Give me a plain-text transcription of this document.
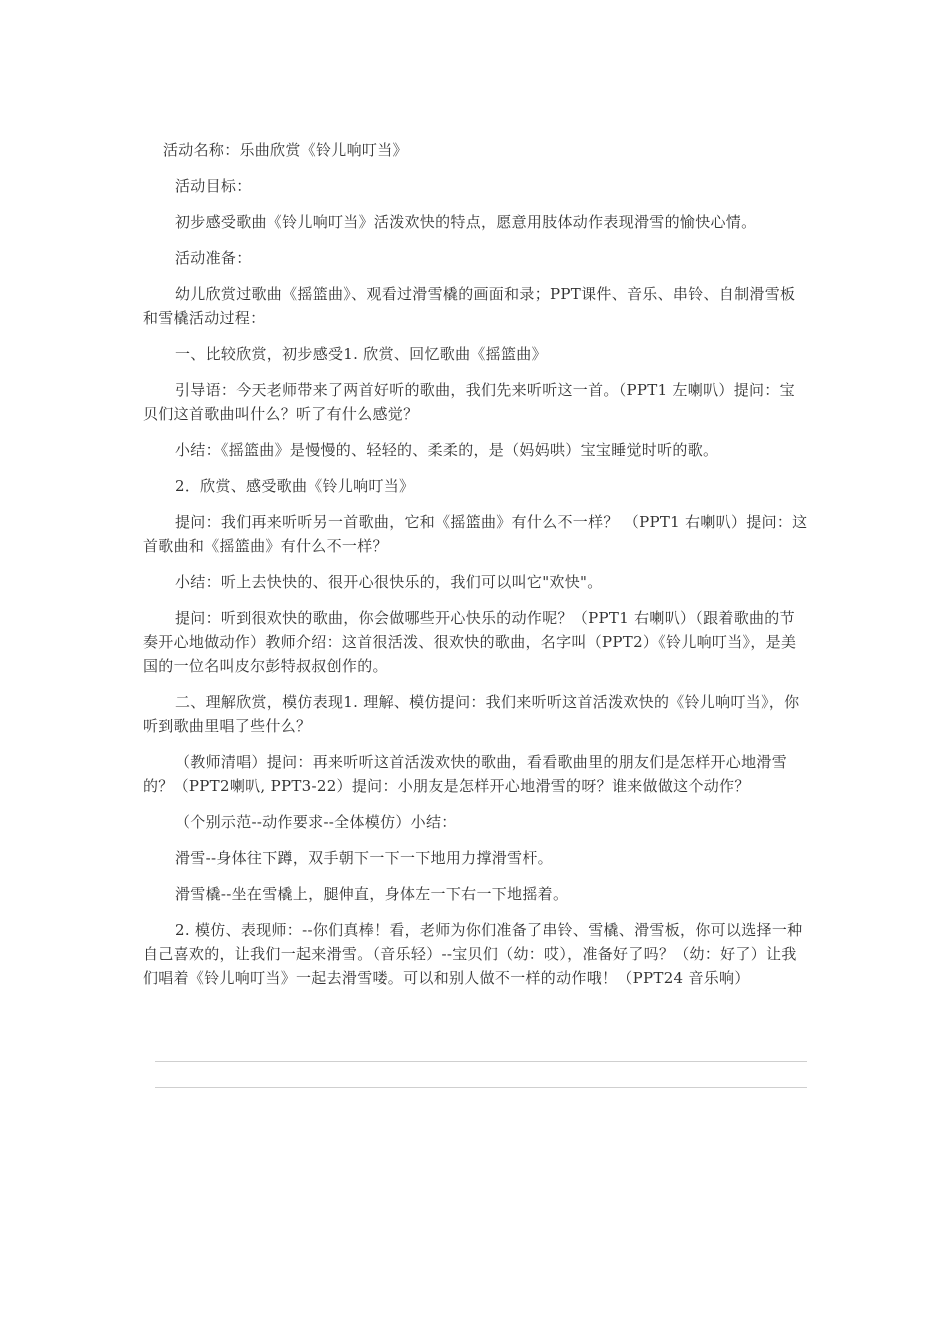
活动名称：乐曲欣赏《铃儿响叮当》

活动目标：

初步感受歌曲《铃儿响叮当》活泼欢快的特点，愿意用肢体动作表现滑雪的愉快心情。

活动准备：

幼儿欣赏过歌曲《摇篮曲》、观看过滑雪橇的画面和录；PPT课件、音乐、串铃、自制滑雪板和雪橇活动过程：

一、比较欣赏，初步感受1. 欣赏、回忆歌曲《摇篮曲》

引导语：今天老师带来了两首好听的歌曲，我们先来听听这一首。（PPT1 左喇叭）提问：宝贝们这首歌曲叫什么？听了有什么感觉？

小结：《摇篮曲》是慢慢的、轻轻的、柔柔的，是（妈妈哄）宝宝睡觉时听的歌。

2．欣赏、感受歌曲《铃儿响叮当》

提问：我们再来听听另一首歌曲，它和《摇篮曲》有什么不一样？ （PPT1 右喇叭）提问：这首歌曲和《摇篮曲》有什么不一样？

小结：听上去快快的、很开心很快乐的，我们可以叫它"欢快"。

提问：听到很欢快的歌曲，你会做哪些开心快乐的动作呢？（PPT1 右喇叭）（跟着歌曲的节奏开心地做动作）教师介绍：这首很活泼、很欢快的歌曲，名字叫（PPT2）《铃儿响叮当》，是美国的一位名叫皮尔彭特叔叔创作的。

二、理解欣赏，模仿表现1. 理解、模仿提问：我们来听听这首活泼欢快的《铃儿响叮当》，你听到歌曲里唱了些什么？

（教师清唱）提问：再来听听这首活泼欢快的歌曲，看看歌曲里的朋友们是怎样开心地滑雪的？（PPT2喇叭, PPT3-22）提问：小朋友是怎样开心地滑雪的呀？谁来做做这个动作？

（个别示范--动作要求--全体模仿）小结：

滑雪--身体往下蹲，双手朝下一下一下地用力撑滑雪杆。

滑雪橇--坐在雪橇上，腿伸直，身体左一下右一下地摇着。

2. 模仿、表现师：--你们真棒！看，老师为你们准备了串铃、雪橇、滑雪板，你可以选择一种自己喜欢的，让我们一起来滑雪。（音乐轻）--宝贝们（幼：哎），准备好了吗？（幼：好了）让我们唱着《铃儿响叮当》一起去滑雪喽。可以和别人做不一样的动作哦！（PPT24 音乐响）
